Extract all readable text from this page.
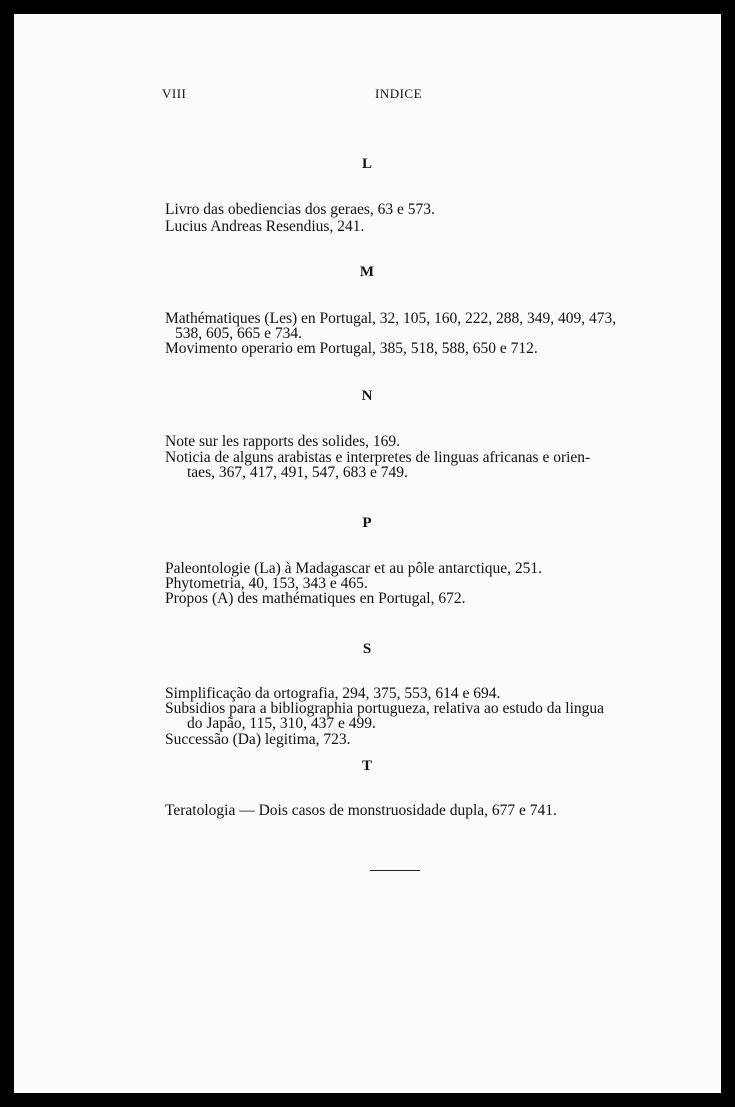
VIII	INDICE
L
Livro das obediencias dos geraes, 63 e 573.
Lucius Andreas Resendius, 241.
M
Mathématiques (Les) en Portugal, 32, 105, 160, 222, 288, 349, 409, 473,
538, 605, 665 e 734.
Movimento operario em Portugal, 385, 518, 588, 650 e 712.
N
Note sur les rapports des solides, 169.
Noticia de alguns arabistas e interpretes de linguas africanas e orien-
taes, 367, 417, 491, 547, 683 e 749.
P
Paleontologie (La) à Madagascar et au pôle antarctique, 251.
Phytometria, 40, 153, 343 e 465.
Propos (A) des mathématiques en Portugal, 672.
S
Simplificação da ortografia, 294, 375, 553, 614 e 694.
Subsidios para a bibliographia portugueza, relativa ao estudo da lingua
do Japão, 115, 310, 437 e 499.
Successão (Da) legitima, 723.
T
Teratologia — Dois casos de monstruosidade dupla, 677 e 741.
